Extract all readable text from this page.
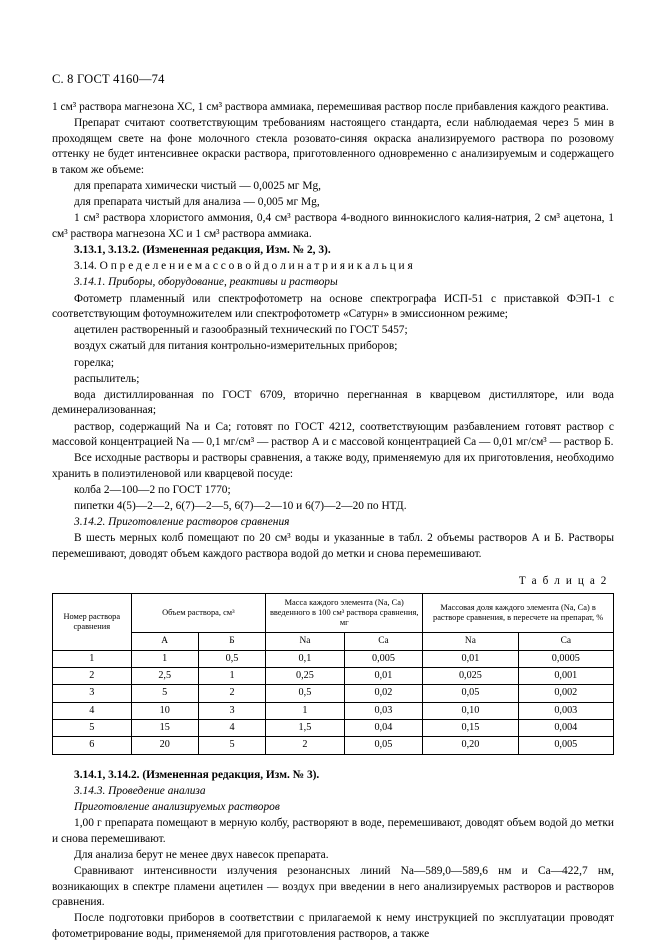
С. 8 ГОСТ 4160—74

1 см³ раствора магнезона ХС, 1 см³ раствора аммиака, перемешивая раствор после прибавления каждого реактива.

Препарат считают соответствующим требованиям настоящего стандарта, если наблюдаемая через 5 мин в проходящем свете на фоне молочного стекла розовато-синяя окраска анализируемого раствора по розовому оттенку не будет интенсивнее окраски раствора, приготовленного одновременно с анализируемым и содержащего в таком же объеме:

для препарата химически чистый — 0,0025 мг Mg,

для препарата чистый для анализа — 0,005 мг Mg,

1 см³ раствора хлористого аммония, 0,4 см³ раствора 4-водного виннокислого калия-натрия, 2 см³ ацетона, 1 см³ раствора магнезона ХС и 1 см³ раствора аммиака.

3.13.1, 3.13.2. (Измененная редакция, Изм. № 2, 3).

3.14. О п р е д е л е н и е м а с с о в о й д о л и н а т р и я и к а л ь ц и я

3.14.1. Приборы, оборудование, реактивы и растворы

Фотометр пламенный или спектрофотометр на основе спектрографа ИСП-51 с приставкой ФЭП-1 с соответствующим фотоумножителем или спектрофотометр «Сатурн» в эмиссионном режиме;

ацетилен растворенный и газообразный технический по ГОСТ 5457;

воздух сжатый для питания контрольно-измерительных приборов;

горелка;

распылитель;

вода дистиллированная по ГОСТ 6709, вторично перегнанная в кварцевом дистилляторе, или вода деминерализованная;

раствор, содержащий Na и Ca; готовят по ГОСТ 4212, соответствующим разбавлением готовят раствор с массовой концентрацией Na — 0,1 мг/см³ — раствор А и с массовой концентрацией Ca — 0,01 мг/см³ — раствор Б.

Все исходные растворы и растворы сравнения, а также воду, применяемую для их приготовления, необходимо хранить в полиэтиленовой или кварцевой посуде:

колба 2—100—2 по ГОСТ 1770;

пипетки 4(5)—2—2, 6(7)—2—5, 6(7)—2—10 и 6(7)—2—20 по НТД.

3.14.2. Приготовление растворов сравнения

В шесть мерных колб помещают по 20 см³ воды и указанные в табл. 2 объемы растворов А и Б. Растворы перемешивают, доводят объем каждого раствора водой до метки и снова перемешивают.

Т а б л и ц а 2
Номер раствора сравнения	Объем раствора, см³		Масса каждого элемента (Na, Ca) введенного в 100 см³ раствора сравнения, мг		Массовая доля каждого элемента (Na, Ca) в растворе сравнения, в пересчете на препарат, %	
	А	Б	Na	Ca	Na	Ca
1	1	0,5	0,1	0,005	0,01	0,0005
2	2,5	1	0,25	0,01	0,025	0,001
3	5	2	0,5	0,02	0,05	0,002
4	10	3	1	0,03	0,10	0,003
5	15	4	1,5	0,04	0,15	0,004
6	20	5	2	0,05	0,20	0,005

3.14.1, 3.14.2. (Измененная редакция, Изм. № 3).

3.14.3. Проведение анализа

Приготовление анализируемых растворов

1,00 г препарата помещают в мерную колбу, растворяют в воде, перемешивают, доводят объем водой до метки и снова перемешивают.

Для анализа берут не менее двух навесок препарата.

Сравнивают интенсивности излучения резонансных линий Na—589,0—589,6 нм и Ca—422,7 нм, возникающих в спектре пламени ацетилен — воздух при введении в него анализируемых растворов и растворов сравнения.

После подготовки приборов в соответствии с прилагаемой к нему инструкцией по эксплуатации проводят фотометрирование воды, применяемой для приготовления растворов, а также
